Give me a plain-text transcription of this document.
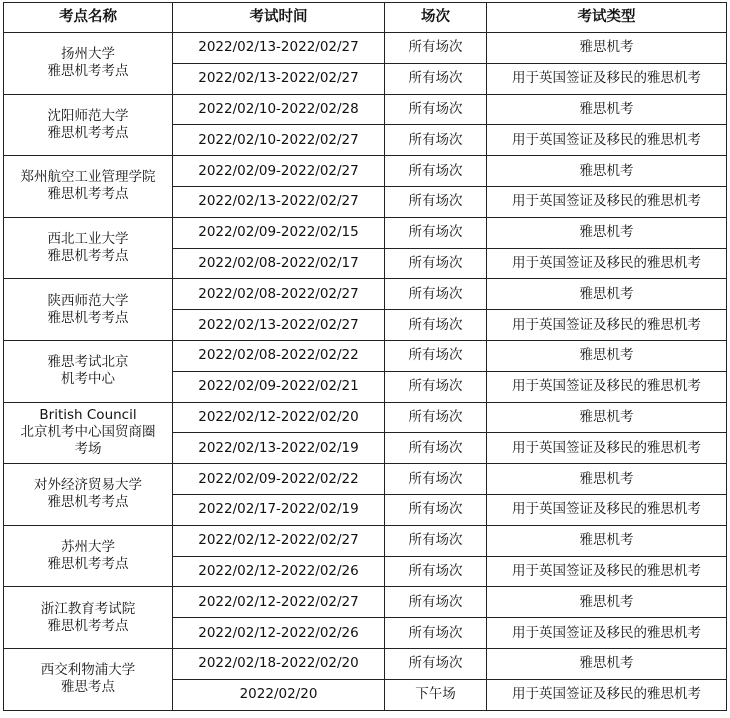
考点名称	考试时间	场次	考试类型

扬州大学
雅思机考考点	2022/02/13-2022/02/27	所有场次	雅思机考
	2022/02/13-2022/02/27	所有场次	用于英国签证及移民的雅思机考

沈阳师范大学
雅思机考考点	2022/02/10-2022/02/28	所有场次	雅思机考
	2022/02/10-2022/02/27	所有场次	用于英国签证及移民的雅思机考

郑州航空工业管理学院
雅思机考考点	2022/02/09-2022/02/27	所有场次	雅思机考
	2022/02/13-2022/02/27	所有场次	用于英国签证及移民的雅思机考

西北工业大学
雅思机考考点	2022/02/09-2022/02/15	所有场次	雅思机考
	2022/02/08-2022/02/17	所有场次	用于英国签证及移民的雅思机考

陕西师范大学
雅思机考考点	2022/02/08-2022/02/27	所有场次	雅思机考
	2022/02/13-2022/02/27	所有场次	用于英国签证及移民的雅思机考

雅思考试北京
机考中心	2022/02/08-2022/02/22	所有场次	雅思机考
	2022/02/09-2022/02/21	所有场次	用于英国签证及移民的雅思机考

British Council
北京机考中心国贸商圈
考场	2022/02/12-2022/02/20	所有场次	雅思机考
	2022/02/13-2022/02/19	所有场次	用于英国签证及移民的雅思机考

对外经济贸易大学
雅思机考考点	2022/02/09-2022/02/22	所有场次	雅思机考
	2022/02/17-2022/02/19	所有场次	用于英国签证及移民的雅思机考

苏州大学
雅思机考考点	2022/02/12-2022/02/27	所有场次	雅思机考
	2022/02/12-2022/02/26	所有场次	用于英国签证及移民的雅思机考

浙江教育考试院
雅思机考考点	2022/02/12-2022/02/27	所有场次	雅思机考
	2022/02/12-2022/02/26	所有场次	用于英国签证及移民的雅思机考

西交利物浦大学
雅思考点	2022/02/18-2022/02/20	所有场次	雅思机考
	2022/02/20	下午场	用于英国签证及移民的雅思机考
